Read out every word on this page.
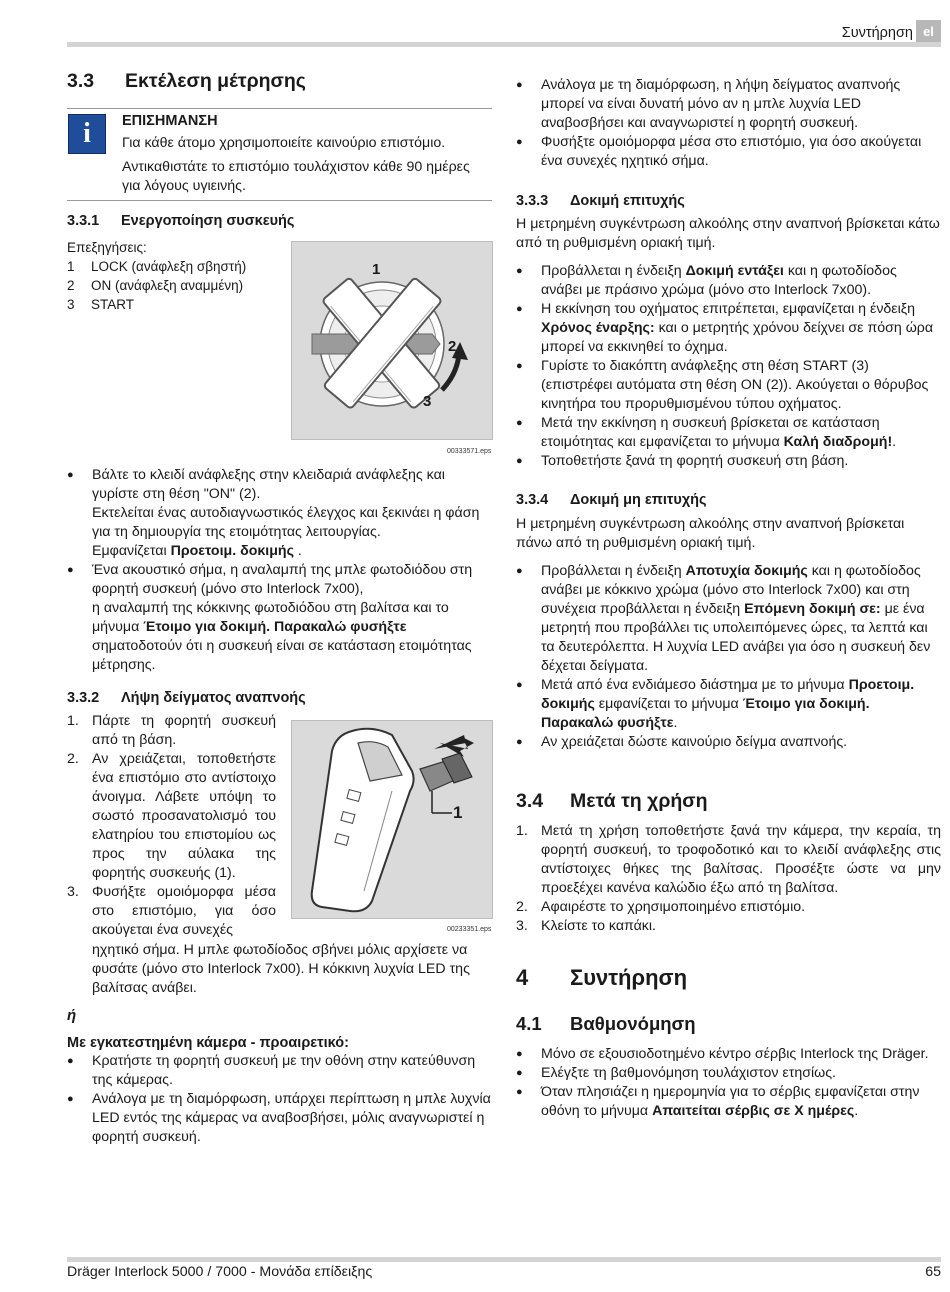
Συντήρηση el
3.3 Εκτέλεση μέτρησης
i	ΕΠΙΣΗΜΑΝΣΗ

Για κάθε άτομο χρησιμοποιείτε καινούριο επιστόμιο.

Αντικαθιστάτε το επιστόμιο τουλάχιστον κάθε 90 ημέρες για λόγους υγιεινής.

3.3.1 Ενεργοποίηση συσκευής

Επεξηγήσεις:

1 LOCK (ανάφλεξη σβηστή)

2 ON (ανάφλεξη αναμμένη)

3 START

1
2
3
00333571.eps
● Βάλτε το κλειδί ανάφλεξης στην κλειδαριά ανάφλεξης και γυρίστε στη θέση "ON" (2).
Εκτελείται ένας αυτοδιαγνωστικός έλεγχος και ξεκινάει η φάση για τη δημιουργία της ετοιμότητας λειτουργίας.
Εμφανίζεται Προετοιμ. δοκιμής .
● Ένα ακουστικό σήμα, η αναλαμπή της μπλε φωτοδιόδου στη φορητή συσκευή (μόνο στο Interlock 7x00),
η αναλαμπή της κόκκινης φωτοδιόδου στη βαλίτσα και το μήνυμα Έτοιμο για δοκιμή. Παρακαλώ φυσήξτε σηματοδοτούν ότι η συσκευή είναι σε κατάσταση ετοιμότητας μέτρησης.
3.3.2 Λήψη δείγματος αναπνοής
1. Πάρτε τη φορητή συσκευή από τη βάση.
2. Αν χρειάζεται, τοποθετήστε ένα επιστόμιο στο αντίστοιχο άνοιγμα. Λάβετε υπόψη το σωστό προσανατολισμό του ελατηρίου του επιστομίου ως προς την αύλακα της φορητής συσκευής (1).
3. Φυσήξτε ομοιόμορφα μέσα στο επιστόμιο, για όσο ακούγεται ένα συνεχές
ηχητικό σήμα. Η μπλε φωτοδίοδος σβήνει μόλις αρχίσετε να φυσάτε (μόνο στο Interlock 7x00). Η κόκκινη λυχνία LED της βαλίτσας ανάβει.
1
00233351.eps
ή
Με εγκατεστημένη κάμερα - προαιρετικό:
● Κρατήστε τη φορητή συσκευή με την οθόνη στην κατεύθυνση της κάμερας.
● Ανάλογα με τη διαμόρφωση, υπάρχει περίπτωση η μπλε λυχνία LED εντός της κάμερας να αναβοσβήσει, μόλις αναγνωριστεί η φορητή συσκευή.
● Ανάλογα με τη διαμόρφωση, η λήψη δείγματος αναπνοής μπορεί να είναι δυνατή μόνο αν η μπλε λυχνία LED αναβοσβήσει και αναγνωριστεί η φορητή συσκευή.
● Φυσήξτε ομοιόμορφα μέσα στο επιστόμιο, για όσο ακούγεται ένα συνεχές ηχητικό σήμα.
3.3.3 Δοκιμή επιτυχής
Η μετρημένη συγκέντρωση αλκοόλης στην αναπνοή βρίσκεται κάτω από τη ρυθμισμένη οριακή τιμή.
● Προβάλλεται η ένδειξη Δοκιμή εντάξει και η φωτοδίοδος ανάβει με πράσινο χρώμα (μόνο στο Interlock 7x00).
● Η εκκίνηση του οχήματος επιτρέπεται, εμφανίζεται η ένδειξη Χρόνος έναρξης: και ο μετρητής χρόνου δείχνει σε πόση ώρα μπορεί να εκκινηθεί το όχημα.
● Γυρίστε το διακόπτη ανάφλεξης στη θέση START (3) (επιστρέφει αυτόματα στη θέση ON (2)). Ακούγεται ο θόρυβος κινητήρα του προρυθμισμένου τύπου οχήματος.
● Μετά την εκκίνηση η συσκευή βρίσκεται σε κατάσταση ετοιμότητας και εμφανίζεται το μήνυμα Καλή διαδρομή!.
● Τοποθετήστε ξανά τη φορητή συσκευή στη βάση.
3.3.4 Δοκιμή μη επιτυχής
Η μετρημένη συγκέντρωση αλκοόλης στην αναπνοή βρίσκεται πάνω από τη ρυθμισμένη οριακή τιμή.
● Προβάλλεται η ένδειξη Αποτυχία δοκιμής και η φωτοδίοδος ανάβει με κόκκινο χρώμα (μόνο στο Interlock 7x00) και στη συνέχεια προβάλλεται η ένδειξη Επόμενη δοκιμή σε: με ένα μετρητή που προβάλλει τις υπολειπόμενες ώρες, τα λεπτά και τα δευτερόλεπτα. Η λυχνία LED ανάβει για όσο η συσκευή δεν δέχεται δείγματα.
● Μετά από ένα ενδιάμεσο διάστημα με το μήνυμα Προετοιμ. δοκιμής εμφανίζεται το μήνυμα Έτοιμο για δοκιμή. Παρακαλώ φυσήξτε.
● Αν χρειάζεται δώστε καινούριο δείγμα αναπνοής.
3.4 Μετά τη χρήση
1. Μετά τη χρήση τοποθετήστε ξανά την κάμερα, την κεραία, τη φορητή συσκευή, το τροφοδοτικό και το κλειδί ανάφλεξης στις αντίστοιχες θήκες της βαλίτσας. Προσέξτε ώστε να μην προεξέχει κανένα καλώδιο έξω από τη βαλίτσα.
2. Αφαιρέστε το χρησιμοποιημένο επιστόμιο.
3. Κλείστε το καπάκι.
4 Συντήρηση
4.1 Βαθμονόμηση
● Μόνο σε εξουσιοδοτημένο κέντρο σέρβις Interlock της Dräger.
● Ελέγξτε τη βαθμονόμηση τουλάχιστον ετησίως.
● Όταν πλησιάζει η ημερομηνία για το σέρβις εμφανίζεται στην οθόνη το μήνυμα Απαιτείται σέρβις σε X ημέρες.
Dräger Interlock 5000 / 7000 - Μονάδα επίδειξης	65
